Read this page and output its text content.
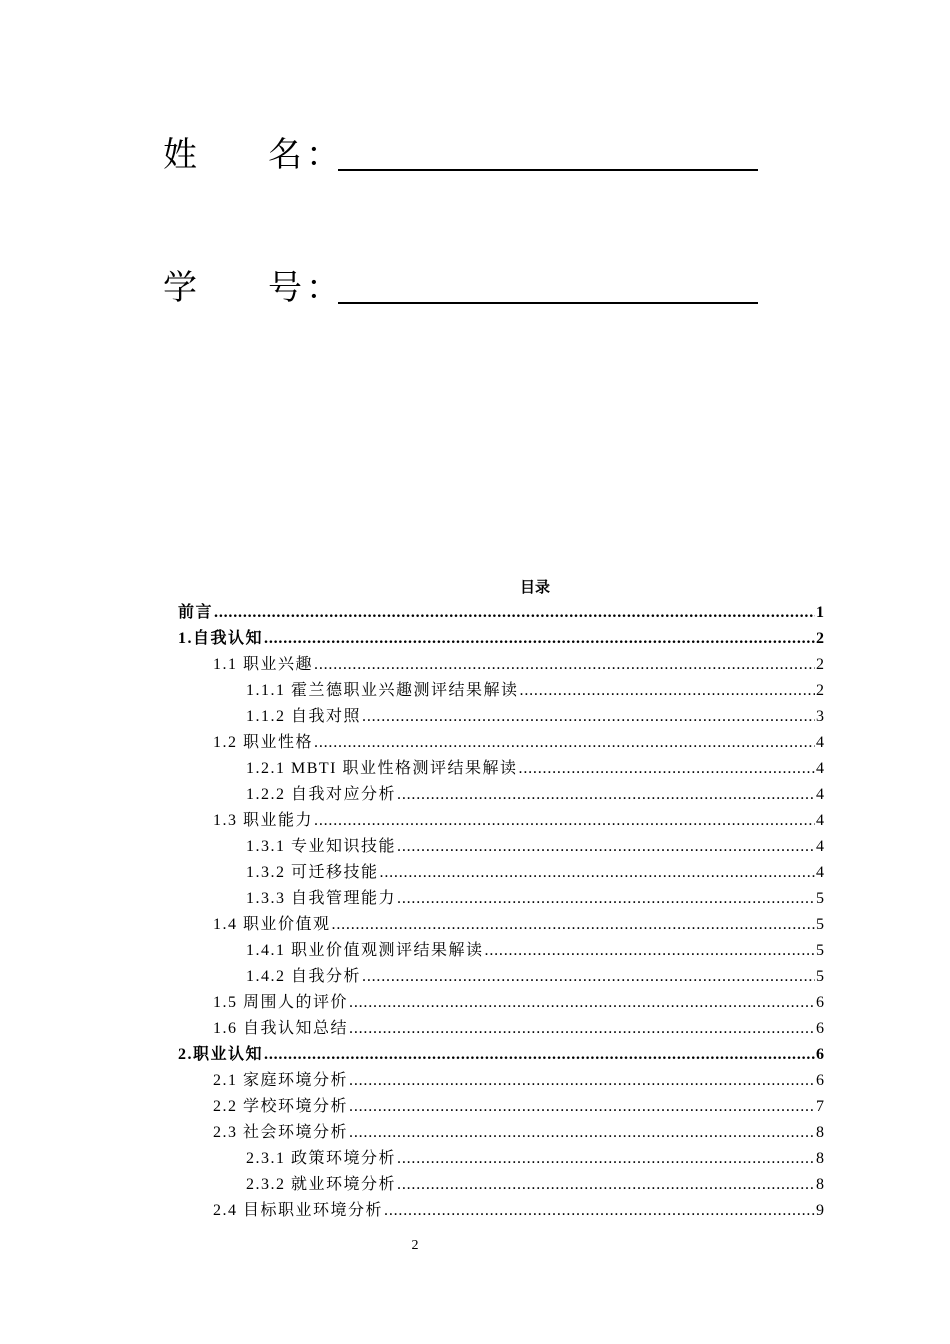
姓 名 ：
学 号 ：
目录
前言 . . .	1
1.自我认知 . . .	2
1.1 职业兴趣 . . .	2
1.1.1 霍兰德职业兴趣测评结果解读 . . .	2
1.1.2 自我对照 . . .	3
1.2 职业性格 . . .	4
1.2.1 MBTI 职业性格测评结果解读 . . .	4
1.2.2 自我对应分析 . . .	4
1.3 职业能力 . . .	4
1.3.1 专业知识技能 . . .	4
1.3.2 可迁移技能 . . .	4
1.3.3 自我管理能力 . . .	5
1.4 职业价值观 . . .	5
1.4.1 职业价值观测评结果解读 . . .	5
1.4.2 自我分析 . . .	5
1.5 周围人的评价 . . .	6
1.6 自我认知总结 . . .	6
2.职业认知 . . .	6
2.1 家庭环境分析 . . .	6
2.2 学校环境分析 . . .	7
2.3 社会环境分析 . . .	8
2.3.1 政策环境分析 . . .	8
2.3.2 就业环境分析 . . .	8
2.4 目标职业环境分析 . . .	9
2
